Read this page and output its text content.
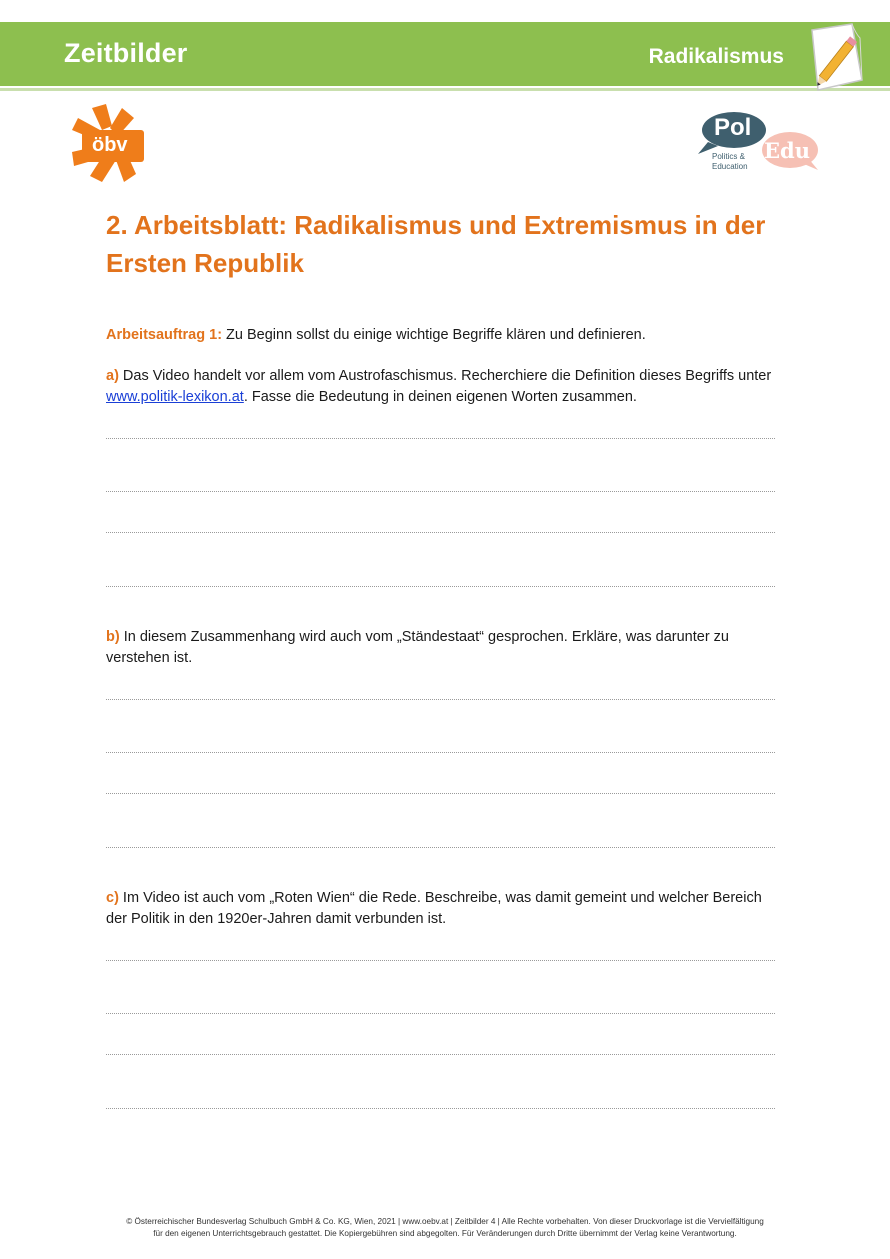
Zeitbilder	Radikalismus
öbv
Pol
Edu
Politics &
Education
2. Arbeitsblatt: Radikalismus und Extremismus in der Ersten Republik
Arbeitsauftrag 1: Zu Beginn sollst du einige wichtige Begriffe klären und definieren.
a) Das Video handelt vor allem vom Austrofaschismus. Recherchiere die Definition dieses Begriffs unter www.politik-lexikon.at. Fasse die Bedeutung in deinen eigenen Worten zusammen.
b) In diesem Zusammenhang wird auch vom „Ständestaat“ gesprochen. Erkläre, was darunter zu verstehen ist.
c) Im Video ist auch vom „Roten Wien“ die Rede. Beschreibe, was damit gemeint und welcher Bereich der Politik in den 1920er-Jahren damit verbunden ist.
© Österreichischer Bundesverlag Schulbuch GmbH & Co. KG, Wien, 2021 | www.oebv.at | Zeitbilder 4 | Alle Rechte vorbehalten. Von dieser Druckvorlage ist die Vervielfältigung
für den eigenen Unterrichtsgebrauch gestattet. Die Kopiergebühren sind abgegolten. Für Veränderungen durch Dritte übernimmt der Verlag keine Verantwortung.
